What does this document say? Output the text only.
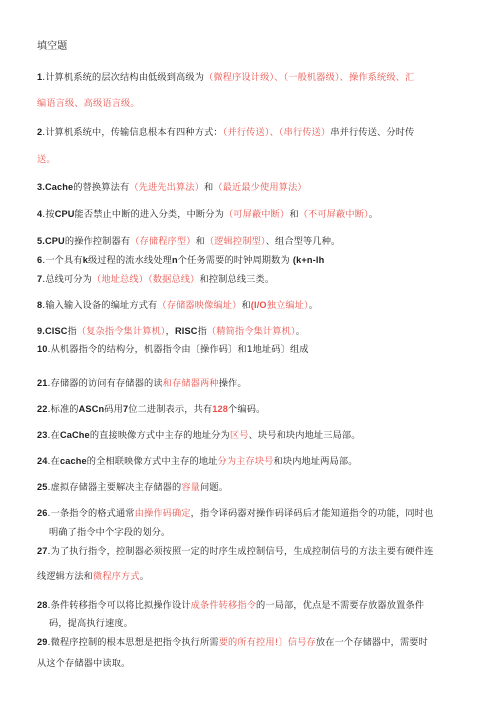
填空题
1.计算机系统的层次结构由低级到高级为（微程序设计级）、（一般机器级）、操作系统级、汇
编语言级、高级语言级。
2.计算机系统中，传输信息根本有四种方式：（并行传送）、（串行传送）串并行传送、分时传
送。
3.Cache的替换算法有（先进先出算法）和（最近最少使用算法）
4.按CPU能否禁止中断的进入分类，中断分为（可屏蔽中断）和（不可屏蔽中断）。
5.CPU的操作控制器有（存储程序型）和（逻辑控制型）、组合型等几种。
6.一个具有k级过程的流水线处理n个任务需要的时钟周期数为 (k+n-lh
7.总线可分为（地址总线）（数据总线）和控制总线三类。
8.输入输入设备的编址方式有（存储器映像编址）和(I/O独立编址）。
9.CISC指（复杂指令集计算机），RISC指（精简指令集计算机）。
10.从机器指令的结构分，机器指令由〔操作码〕和1地址码〕组成
21.存储器的访问有存储器的读和存储器两种操作。
22.标准的ASCn码用7位二进制表示，共有128个编码。
23.在CaChe的直接映像方式中主存的地址分为区号、块号和块内地址三局部。
24.在cache的全相联映像方式中主存的地址分为主存块号和块内地址两局部。
25.虚拟存储器主要解决主存储器的容量问题。
26.一条指令的格式通常由操作码确定，指令译码器对操作码译码后才能知道指令的功能，同时也
明确了指令中个字段的划分。
27.为了执行指令，控制器必须按照一定的时序生成控制信号，生成控制信号的方法主要有硬件连
线逻辑方法和微程序方式。
28.条件转移指令可以将比拟操作设计成条件转移指令的一局部，优点是不需要存放器放置条件
码，提高执行速度。
29.微程序控制的根本思想是把指令执行所需要的所有控用!〕信号存放在一个存储器中，需要时
从这个存储器中读取。
